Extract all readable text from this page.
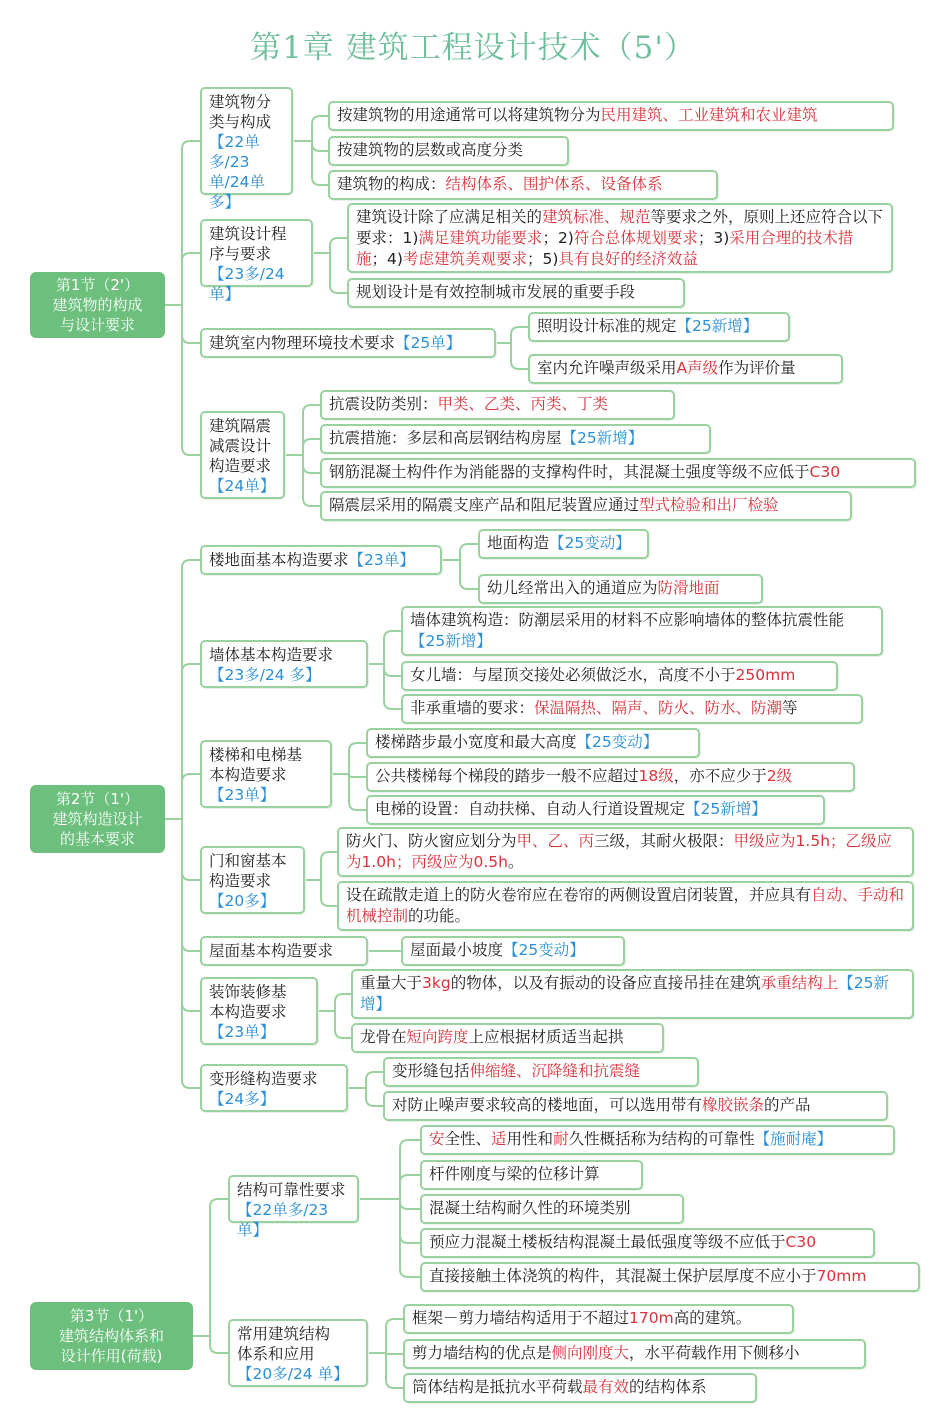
第1章 建筑工程设计技术（5'）
第1节（2'）
建筑物的构成
与设计要求
第2节（1'）
建筑构造设计
的基本要求
第3节（1'）
建筑结构体系和
设计作用(荷载)
建筑物分
类与构成
【22单多/23单/24单多】
建筑设计程
序与要求
【23多/24单】
建筑室内物理环境技术要求【25单】
建筑隔震
减震设计
构造要求
【24单】
楼地面基本构造要求【23单】
墙体基本构造要求
【23多/24 多】
楼梯和电梯基
本构造要求
【23单】
门和窗基本
构造要求
【20多】
屋面基本构造要求
装饰装修基
本构造要求
【23单】
变形缝构造要求
【24多】
结构可靠性要求
【22单多/23 单】
常用建筑结构
体系和应用
【20多/24 单】
按建筑物的用途通常可以将建筑物分为民用建筑、工业建筑和农业建筑
按建筑物的层数或高度分类
建筑物的构成：结构体系、围护体系、设备体系
建筑设计除了应满足相关的建筑标准、规范等要求之外，原则上还应符合以下要求：1)满足建筑功能要求；2)符合总体规划要求；3)采用合理的技术措施；4)考虑建筑美观要求；5)具有良好的经济效益
规划设计是有效控制城市发展的重要手段
照明设计标准的规定【25新增】
室内允许噪声级采用A声级作为评价量
抗震设防类别：甲类、乙类、丙类、丁类
抗震措施：多层和高层钢结构房屋【25新增】
钢筋混凝土构件作为消能器的支撑构件时，其混凝土强度等级不应低于C30
隔震层采用的隔震支座产品和阻尼装置应通过型式检验和出厂检验
地面构造【25变动】
幼儿经常出入的通道应为防滑地面
墙体建筑构造：防潮层采用的材料不应影响墙体的整体抗震性能【25新增】
女儿墙：与屋顶交接处必须做泛水，高度不小于250mm
非承重墙的要求：保温隔热、隔声、防火、防水、防潮等
楼梯踏步最小宽度和最大高度【25变动】
公共楼梯每个梯段的踏步一般不应超过18级，亦不应少于2级
电梯的设置：自动扶梯、自动人行道设置规定【25新增】
防火门、防火窗应划分为甲、乙、丙三级，其耐火极限：甲级应为1.5h；乙级应为1.0h；丙级应为0.5h。
设在疏散走道上的防火卷帘应在卷帘的两侧设置启闭装置，并应具有自动、手动和机械控制的功能。
屋面最小坡度【25变动】
重量大于3kg的物体，以及有振动的设备应直接吊挂在建筑承重结构上【25新增】
龙骨在短向跨度上应根据材质适当起拱
变形缝包括伸缩缝、沉降缝和抗震缝
对防止噪声要求较高的楼地面，可以选用带有橡胶嵌条的产品
安全性、适用性和耐久性概括称为结构的可靠性【施耐庵】
杆件刚度与梁的位移计算
混凝土结构耐久性的环境类别
预应力混凝土楼板结构混凝土最低强度等级不应低于C30
直接接触土体浇筑的构件，其混凝土保护层厚度不应小于70mm
框架－剪力墙结构适用于不超过170m高的建筑。
剪力墙结构的优点是侧向刚度大，水平荷载作用下侧移小
筒体结构是抵抗水平荷载最有效的结构体系
